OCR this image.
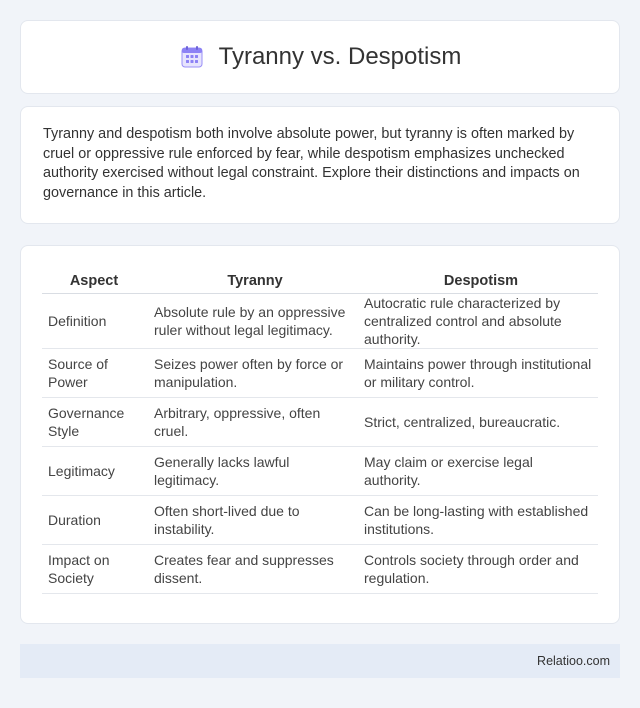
Tyranny vs. Despotism

Tyranny and despotism both involve absolute power, but tyranny is often marked by cruel or oppressive rule enforced by fear, while despotism emphasizes unchecked authority exercised without legal constraint. Explore their distinctions and impacts on governance in this article.

Aspect	Tyranny	Despotism
Definition	Absolute rule by an oppressive ruler without legal legitimacy.	Autocratic rule characterized by centralized control and absolute authority.
Source of Power	Seizes power often by force or manipulation.	Maintains power through institutional or military control.
Governance Style	Arbitrary, oppressive, often cruel.	Strict, centralized, bureaucratic.
Legitimacy	Generally lacks lawful legitimacy.	May claim or exercise legal authority.
Duration	Often short-lived due to instability.	Can be long-lasting with established institutions.
Impact on Society	Creates fear and suppresses dissent.	Controls society through order and regulation.
Relatioo.com
